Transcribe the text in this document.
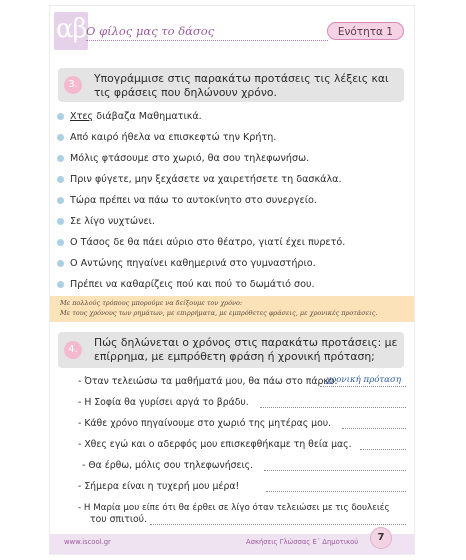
αβ Ο φίλος μας το δάσος	Ενότητα 1
3.	Υπογράμμισε στις παρακάτω προτάσεις τις λέξεις και τις φράσεις που δηλώνουν χρόνο.
Χτες διάβαζα Μαθηματικά.
Από καιρό ήθελα να επισκεφτώ την Κρήτη.
Μόλις φτάσουμε στο χωριό, θα σου τηλεφωνήσω.
Πριν φύγετε, μην ξεχάσετε να χαιρετήσετε τη δασκάλα.
Τώρα πρέπει να πάω το αυτοκίνητο στο συνεργείο.
Σε λίγο νυχτώνει.
Ο Τάσος δε θα πάει αύριο στο θέατρο, γιατί έχει πυρετό.
Ο Αντώνης πηγαίνει καθημερινά στο γυμναστήριο.
Πρέπει να καθαρίζεις πού και πού το δωμάτιό σου.
Με πολλούς τρόπους μπορούμε να δείξουμε τον χρόνο:
Με τους χρόνους των ρημάτων, με επιρρήματα, με εμπρόθετες φράσεις, με χρονικές προτάσεις.
4.
Πώς δηλώνεται ο χρόνος στις παρακάτω προτάσεις: με επίρρημα, με εμπρόθετη φράση ή χρονική πρόταση;
- Όταν τελειώσω τα μαθήματά μου, θα πάω στο πάρκο.
χρονική πρόταση
- Η Σοφία θα γυρίσει αργά το βράδυ.
- Κάθε χρόνο πηγαίνουμε στο χωριό της μητέρας μου.
- Χθες εγώ και ο αδερφός μου επισκεφθήκαμε τη θεία μας.
- Θα έρθω, μόλις σου τηλεφωνήσεις.
- Σήμερα είναι η τυχερή μου μέρα!
- Η Μαρία μου είπε ότι θα έρθει σε λίγο όταν τελειώσει με τις δουλειές
του σπιτιού.
www.iscool.gr	Ασκήσεις Γλώσσας Ε΄ Δημοτικού	7
